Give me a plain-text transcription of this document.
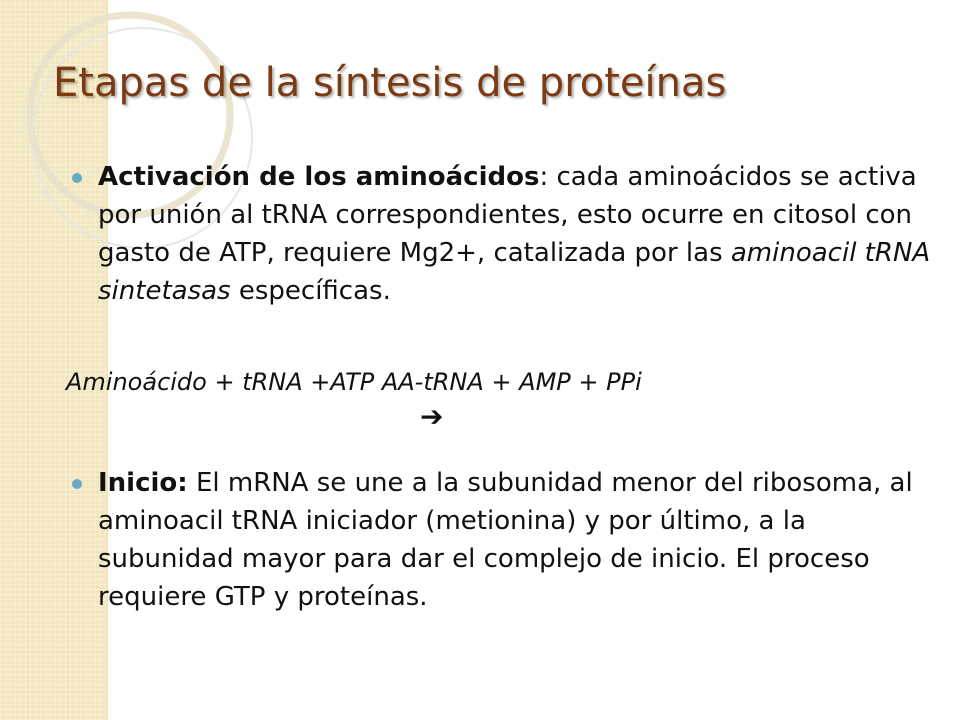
Etapas de la síntesis de proteínas
Activación de los aminoácidos: cada aminoácidos se activa por unión al tRNA correspondientes, esto ocurre en citosol con gasto de ATP, requiere Mg2+, catalizada por las aminoacil tRNA sintetasas específicas.
Aminoácido + tRNA +ATP AA-tRNA + AMP + PPi
➔
Inicio: El mRNA se une a la subunidad menor del ribosoma, al aminoacil tRNA iniciador (metionina) y por último, a la subunidad mayor para dar el complejo de inicio. El proceso requiere GTP y proteínas.
